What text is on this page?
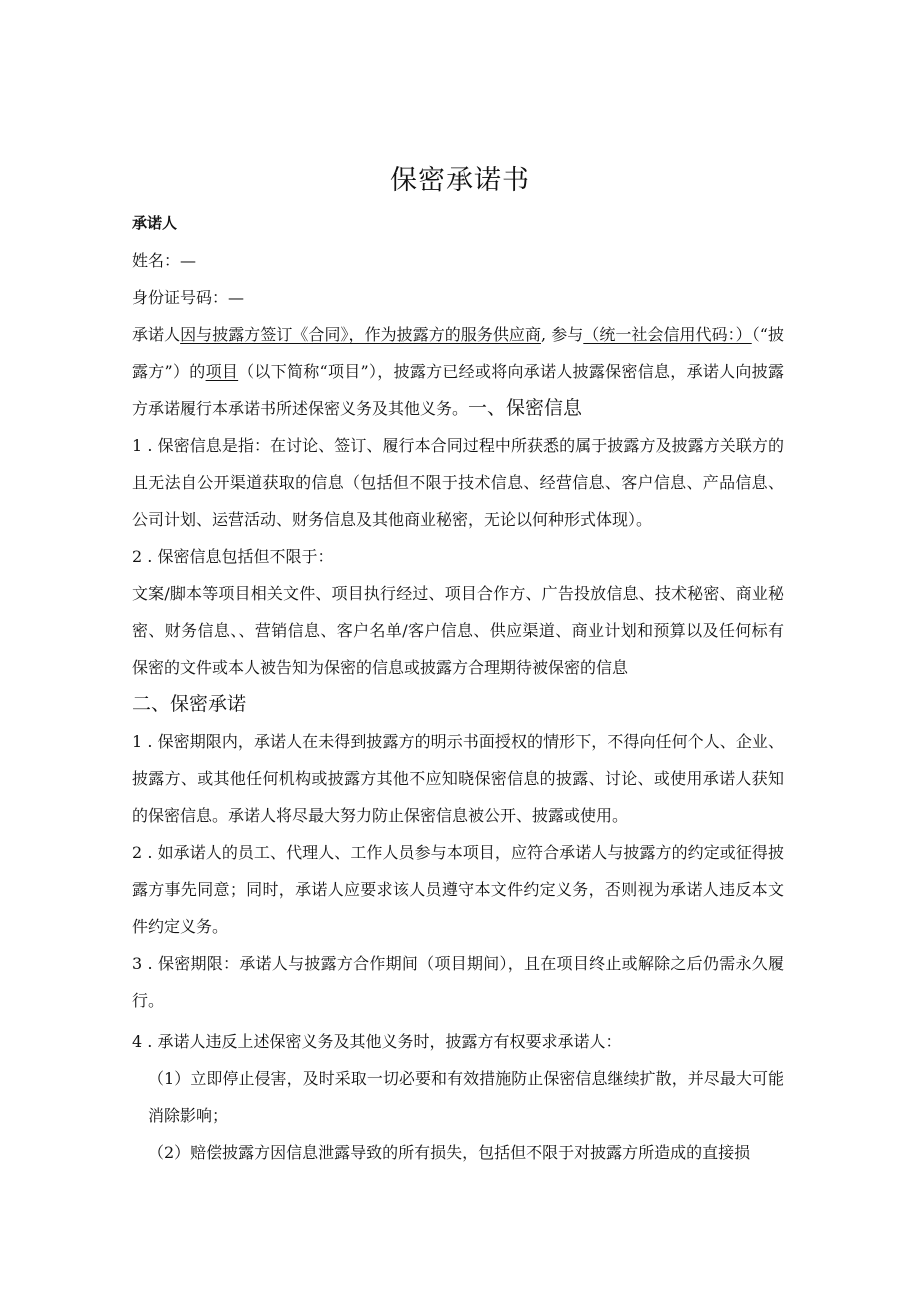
保密承诺书

承诺人

姓名：—

身份证号码：—

承诺人因与披露方签订《合同》，作为披露方的服务供应商, 参与（统一社会信用代码：）（“披露方”）的项目（以下简称“项目”），披露方已经或将向承诺人披露保密信息，承诺人向披露方承诺履行本承诺书所述保密义务及其他义务。一、保密信息

1 . 保密信息是指：在讨论、签订、履行本合同过程中所获悉的属于披露方及披露方关联方的且无法自公开渠道获取的信息（包括但不限于技术信息、经营信息、客户信息、产品信息、公司计划、运营活动、财务信息及其他商业秘密，无论以何种形式体现）。

2 . 保密信息包括但不限于：

文案/脚本等项目相关文件、项目执行经过、项目合作方、广告投放信息、技术秘密、商业秘密、财务信息、、营销信息、客户名单/客户信息、供应渠道、商业计划和预算以及任何标有保密的文件或本人被告知为保密的信息或披露方合理期待被保密的信息

二、保密承诺

1 . 保密期限内，承诺人在未得到披露方的明示书面授权的情形下，不得向任何个人、企业、披露方、或其他任何机构或披露方其他不应知晓保密信息的披露、讨论、或使用承诺人获知的保密信息。承诺人将尽最大努力防止保密信息被公开、披露或使用。

2 . 如承诺人的员工、代理人、工作人员参与本项目，应符合承诺人与披露方的约定或征得披露方事先同意；同时，承诺人应要求该人员遵守本文件约定义务，否则视为承诺人违反本文件约定义务。

3 . 保密期限：承诺人与披露方合作期间（项目期间），且在项目终止或解除之后仍需永久履行。

4 . 承诺人违反上述保密义务及其他义务时，披露方有权要求承诺人：

（1）立即停止侵害，及时采取一切必要和有效措施防止保密信息继续扩散，并尽最大可能消除影响；

（2）赔偿披露方因信息泄露导致的所有损失，包括但不限于对披露方所造成的直接损
